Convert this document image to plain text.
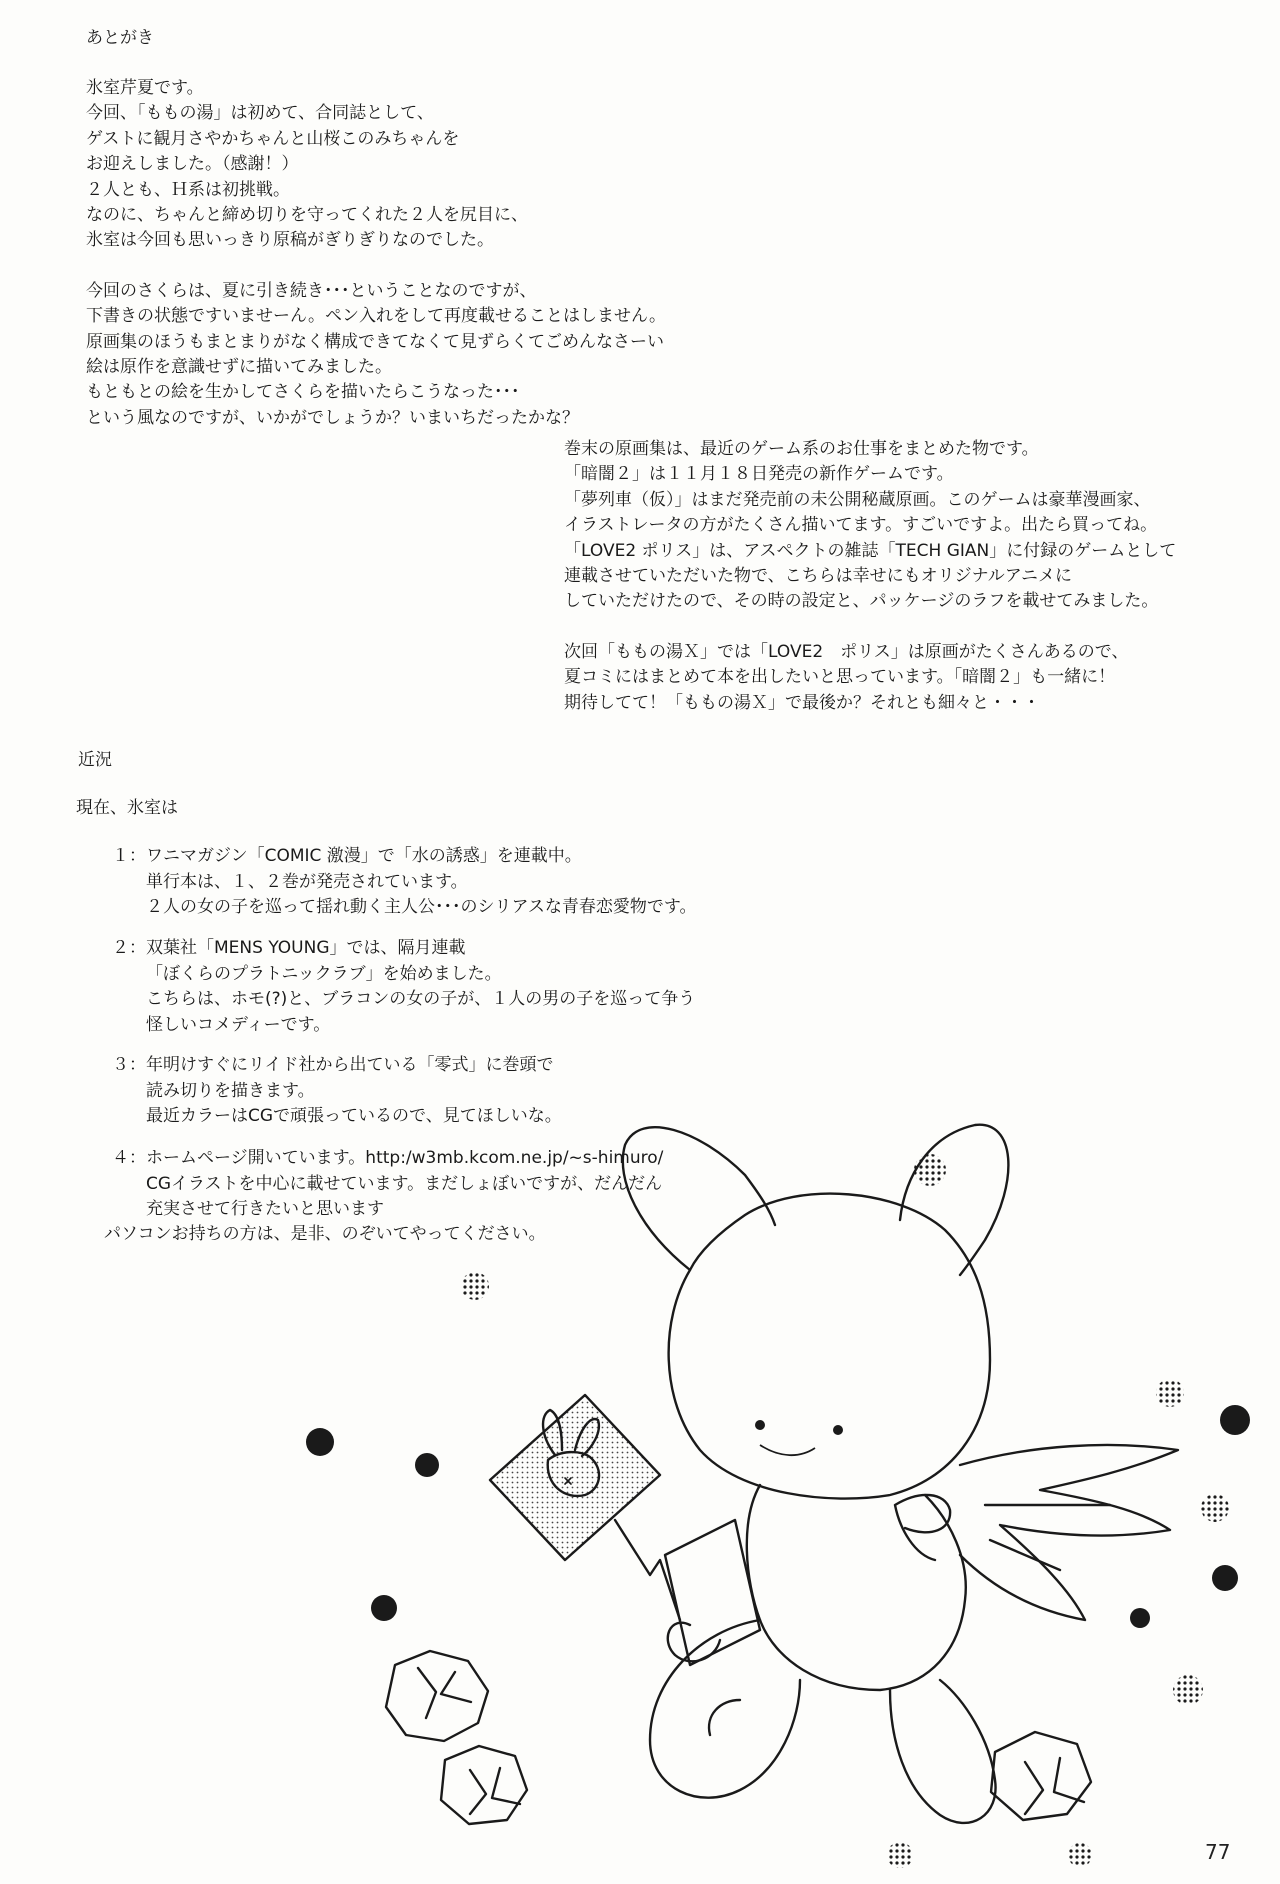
あとがき
氷室芹夏です。
今回、「ももの湯」は初めて、合同誌として、
ゲストに観月さやかちゃんと山桜このみちゃんを
お迎えしました。（感謝！）
２人とも、Ｈ系は初挑戦。
なのに、ちゃんと締め切りを守ってくれた２人を尻目に、
氷室は今回も思いっきり原稿がぎりぎりなのでした。
今回のさくらは、夏に引き続き･･･ということなのですが、
下書きの状態ですいませーん。ペン入れをして再度載せることはしません。
原画集のほうもまとまりがなく構成できてなくて見ずらくてごめんなさーい
絵は原作を意識せずに描いてみました。
もともとの絵を生かしてさくらを描いたらこうなった･･･
という風なのですが、いかがでしょうか？いまいちだったかな？
巻末の原画集は、最近のゲーム系のお仕事をまとめた物です。
「暗闇２」は１１月１８日発売の新作ゲームです。
「夢列車（仮）」はまだ発売前の未公開秘蔵原画。このゲームは豪華漫画家、
イラストレータの方がたくさん描いてます。すごいですよ。出たら買ってね。
「LOVE2 ポリス」は、アスペクトの雑誌「TECH GIAN」に付録のゲームとして
連載させていただいた物で、こちらは幸せにもオリジナルアニメに
していただけたので、その時の設定と、パッケージのラフを載せてみました。
次回「ももの湯Ｘ」では「LOVE2　ポリス」は原画がたくさんあるので、
夏コミにはまとめて本を出したいと思っています。「暗闇２」も一緒に！
期待してて！「ももの湯Ｘ」で最後か？それとも細々と・・・
近況
現在、氷室は
１：ワニマガジン「COMIC 激漫」で「水の誘惑」を連載中。
単行本は、１、２巻が発売されています。
２人の女の子を巡って揺れ動く主人公･･･のシリアスな青春恋愛物です。
２：双葉社「MENS YOUNG」では、隔月連載
「ぼくらのプラトニックラブ」を始めました。
こちらは、ホモ(?)と、ブラコンの女の子が、１人の男の子を巡って争う
怪しいコメディーです。
３：年明けすぐにリイド社から出ている「零式」に巻頭で
読み切りを描きます。
最近カラーはCGで頑張っているので、見てほしいな。
４：ホームページ開いています。http:/w3mb.kcom.ne.jp/~s-himuro/
CGイラストを中心に載せています。まだしょぼいですが、だんだん
充実させて行きたいと思います
パソコンお持ちの方は、是非、のぞいてやってください。
77
